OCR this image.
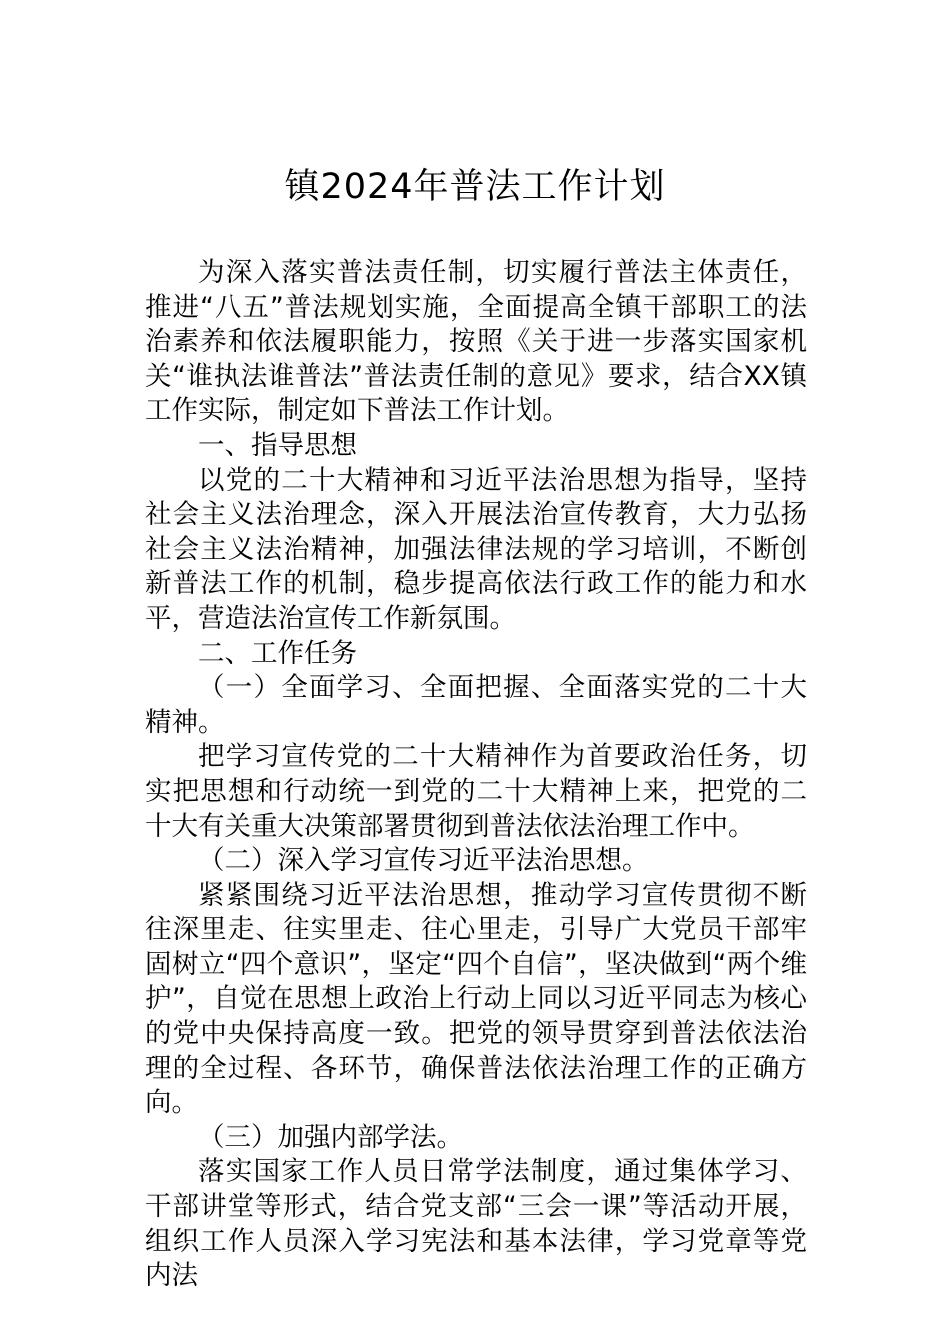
镇2024年普法工作计划

为深入落实普法责任制，切实履行普法主体责任，推进“八五”普法规划实施，全面提高全镇干部职工的法治素养和依法履职能力，按照《关于进一步落实国家机关“谁执法谁普法”普法责任制的意见》要求，结合XX镇工作实际，制定如下普法工作计划。

一、指导思想

以党的二十大精神和习近平法治思想为指导，坚持社会主义法治理念，深入开展法治宣传教育，大力弘扬社会主义法治精神，加强法律法规的学习培训，不断创新普法工作的机制，稳步提高依法行政工作的能力和水平，营造法治宣传工作新氛围。

二、工作任务

（一）全面学习、全面把握、全面落实党的二十大精神。

把学习宣传党的二十大精神作为首要政治任务，切实把思想和行动统一到党的二十大精神上来，把党的二十大有关重大决策部署贯彻到普法依法治理工作中。

（二）深入学习宣传习近平法治思想。

紧紧围绕习近平法治思想，推动学习宣传贯彻不断往深里走、往实里走、往心里走，引导广大党员干部牢固树立“四个意识”，坚定“四个自信”，坚决做到“两个维护”，自觉在思想上政治上行动上同以习近平同志为核心的党中央保持高度一致。把党的领导贯穿到普法依法治理的全过程、各环节，确保普法依法治理工作的正确方向。

（三）加强内部学法。

落实国家工作人员日常学法制度，通过集体学习、干部讲堂等形式，结合党支部“三会一课”等活动开展，组织工作人员深入学习宪法和基本法律，学习党章等党内法
